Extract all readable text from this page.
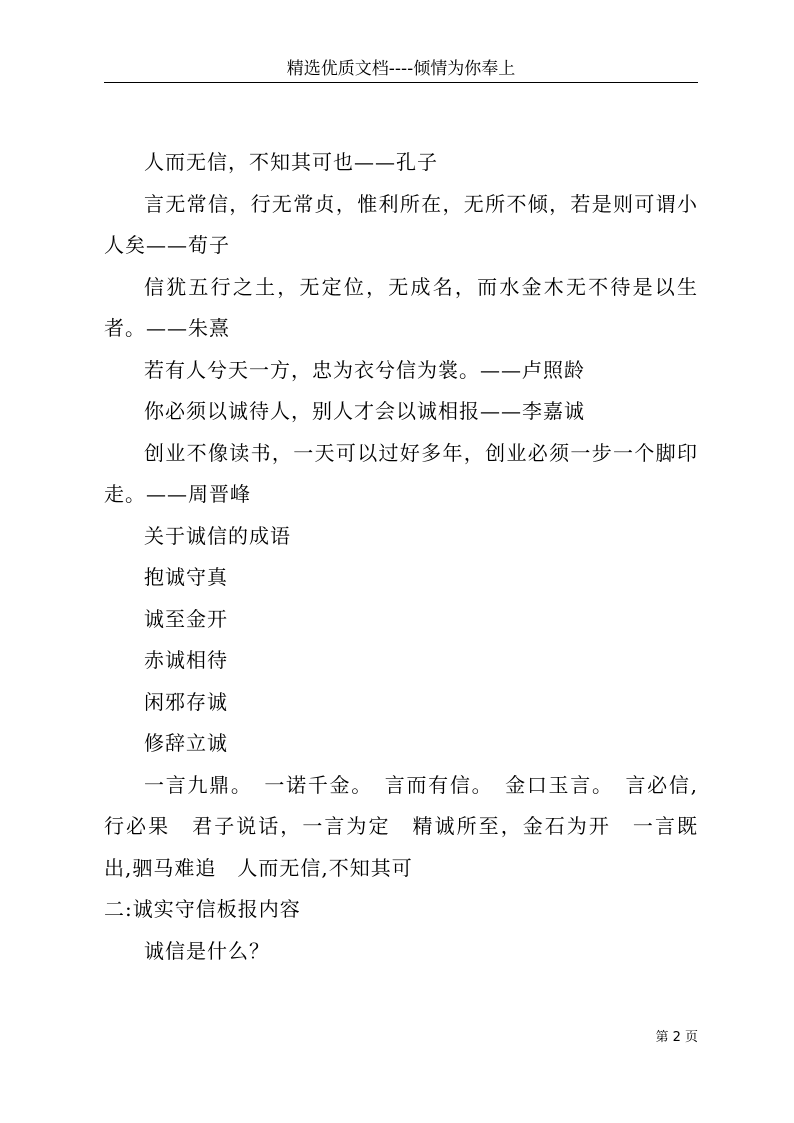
精选优质文档----倾情为你奉上

人而无信，不知其可也——孔子

言无常信，行无常贞，惟利所在，无所不倾，若是则可谓小人矣——荀子

信犹五行之土，无定位，无成名，而水金木无不待是以生者。——朱熹

若有人兮天一方，忠为衣兮信为裳。——卢照龄

你必须以诚待人，别人才会以诚相报——李嘉诚

创业不像读书，一天可以过好多年，创业必须一步一个脚印走。——周晋峰

关于诚信的成语

抱诚守真

诚至金开

赤诚相待

闲邪存诚

修辞立诚

一言九鼎。　一诺千金。　言而有信。　金口玉言。　言必信,行必果　君子说话，一言为定　精诚所至，金石为开　一言既出,驷马难追　人而无信,不知其可

二:诚实守信板报内容

诚信是什么？

第 2 页
